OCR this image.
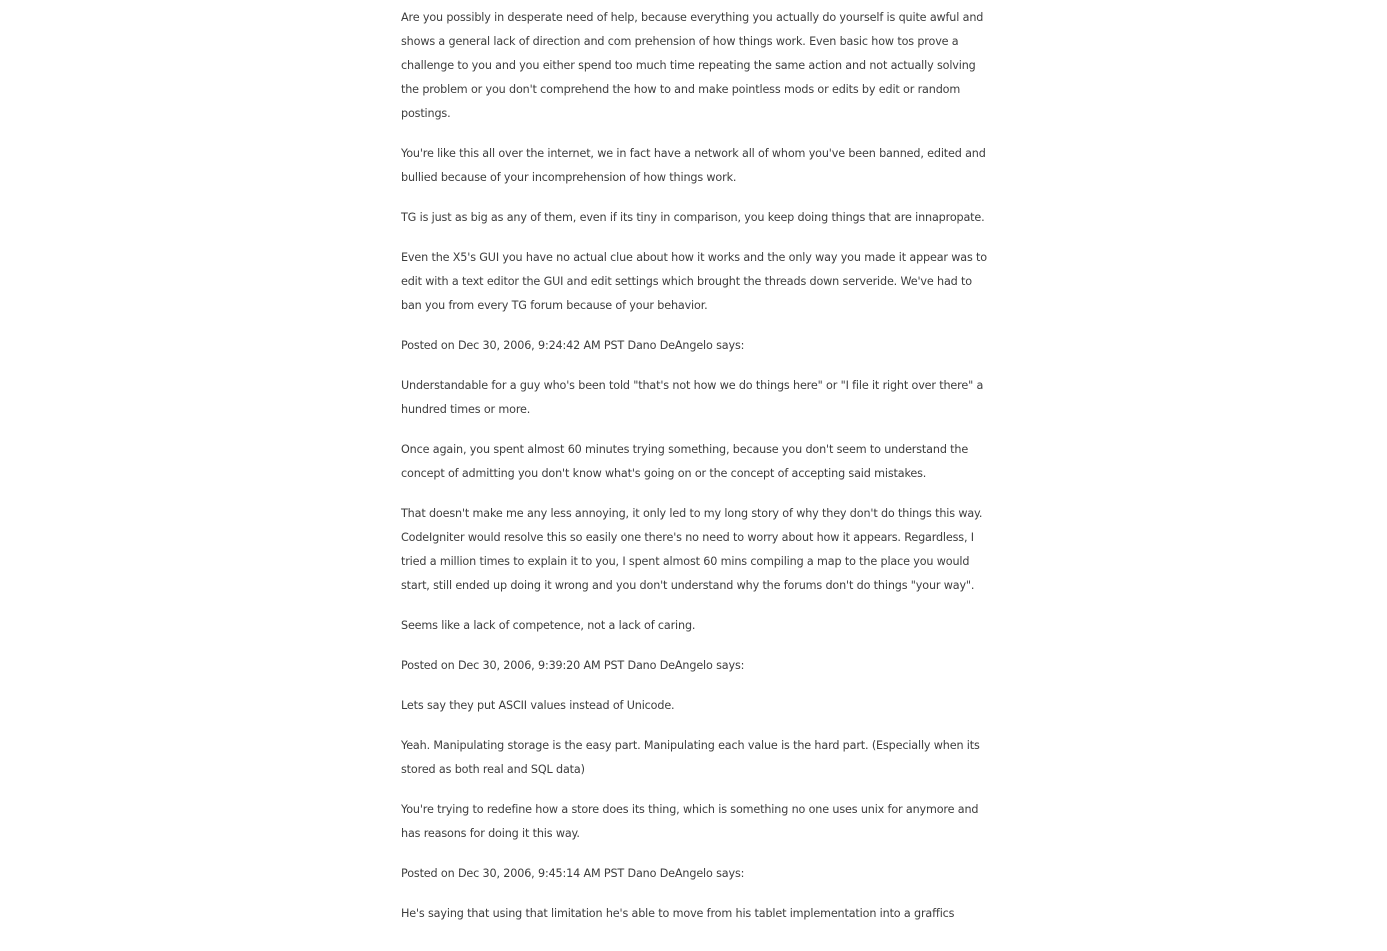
Are you possibly in desperate need of help, because everything you actually do yourself is quite awful and shows a general lack of direction and com prehension of how things work. Even basic how tos prove a challenge to you and you either spend too much time repeating the same action and not actually solving the problem or you don't comprehend the how to and make pointless mods or edits by edit or random postings.

You're like this all over the internet, we in fact have a network all of whom you've been banned, edited and bullied because of your incomprehension of how things work.

TG is just as big as any of them, even if its tiny in comparison, you keep doing things that are innapropate.

Even the X5's GUI you have no actual clue about how it works and the only way you made it appear was to edit with a text editor the GUI and edit settings which brought the threads down serveride. We've had to ban you from every TG forum because of your behavior.

Posted on Dec 30, 2006, 9:24:42 AM PST Dano DeAngelo says:

Understandable for a guy who's been told "that's not how we do things here" or "I file it right over there" a hundred times or more.

Once again, you spent almost 60 minutes trying something, because you don't seem to understand the concept of admitting you don't know what's going on or the concept of accepting said mistakes.

That doesn't make me any less annoying, it only led to my long story of why they don't do things this way. CodeIgniter would resolve this so easily one there's no need to worry about how it appears. Regardless, I tried a million times to explain it to you, I spent almost 60 mins compiling a map to the place you would start, still ended up doing it wrong and you don't understand why the forums don't do things "your way".

Seems like a lack of competence, not a lack of caring.

Posted on Dec 30, 2006, 9:39:20 AM PST Dano DeAngelo says:

Lets say they put ASCII values instead of Unicode.

Yeah. Manipulating storage is the easy part. Manipulating each value is the hard part. (Especially when its stored as both real and SQL data)

You're trying to redefine how a store does its thing, which is something no one uses unix for anymore and has reasons for doing it this way.

Posted on Dec 30, 2006, 9:45:14 AM PST Dano DeAngelo says:

He's saying that using that limitation he's able to move from his tablet implementation into a graffics
